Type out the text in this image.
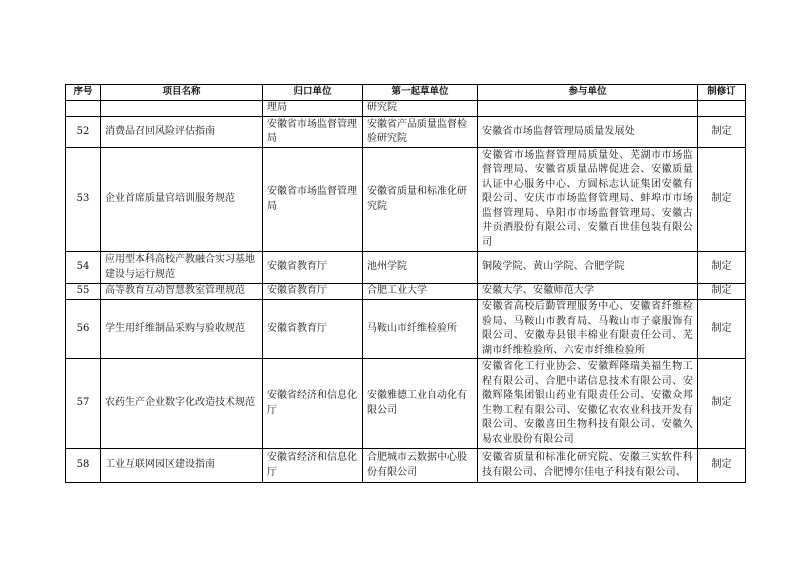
序号	项目名称	归口单位	第一起草单位	参与单位	制修订
		理局	研究院		
52	消费品召回风险评估指南	安徽省市场监督管理局	安徽省产品质量监督检验研究院	安徽省市场监督管理局质量发展处	制定
53	企业首席质量官培训服务规范	安徽省市场监督管理局	安徽省质量和标准化研究院	安徽省市场监督管理局质量处、芜湖市市场监督管理局、安徽省质量品牌促进会、安徽质量认证中心服务中心、方圆标志认证集团安徽有限公司、安庆市市场监督管理局、蚌埠市市场监督管理局、阜阳市市场监督管理局、安徽古井贡酒股份有限公司、安徽百世佳包装有限公司	制定
54	应用型本科高校产教融合实习基地建设与运行规范	安徽省教育厅	池州学院	铜陵学院、黄山学院、合肥学院	制定
55	高等教育互动智慧教室管理规范	安徽省教育厅	合肥工业大学	安徽大学、安徽师范大学	制定
56	学生用纤维制品采购与验收规范	安徽省教育厅	马鞍山市纤维检验所	安徽省高校后勤管理服务中心、安徽省纤维检验局、马鞍山市教育局、马鞍山市子豪服饰有限公司、安徽寿县银丰棉业有限责任公司、芜湖市纤维检验所、六安市纤维检验所	制定
57	农药生产企业数字化改造技术规范	安徽省经济和信息化厅	安徽雅德工业自动化有限公司	安徽省化工行业协会、安徽辉隆瑞美福生物工程有限公司、合肥中诺信息技术有限公司、安徽辉隆集团银山药业有限责任公司、安徽众邦生物工程有限公司、安徽亿农农业科技开发有限公司、安徽喜田生物科技有限公司、安徽久易农业股份有限公司	制定
58	工业互联网园区建设指南	安徽省经济和信息化厅	合肥城市云数据中心股份有限公司	安徽省质量和标准化研究院、安徽三实软件科技有限公司、合肥博尔佳电子科技有限公司、	制定
